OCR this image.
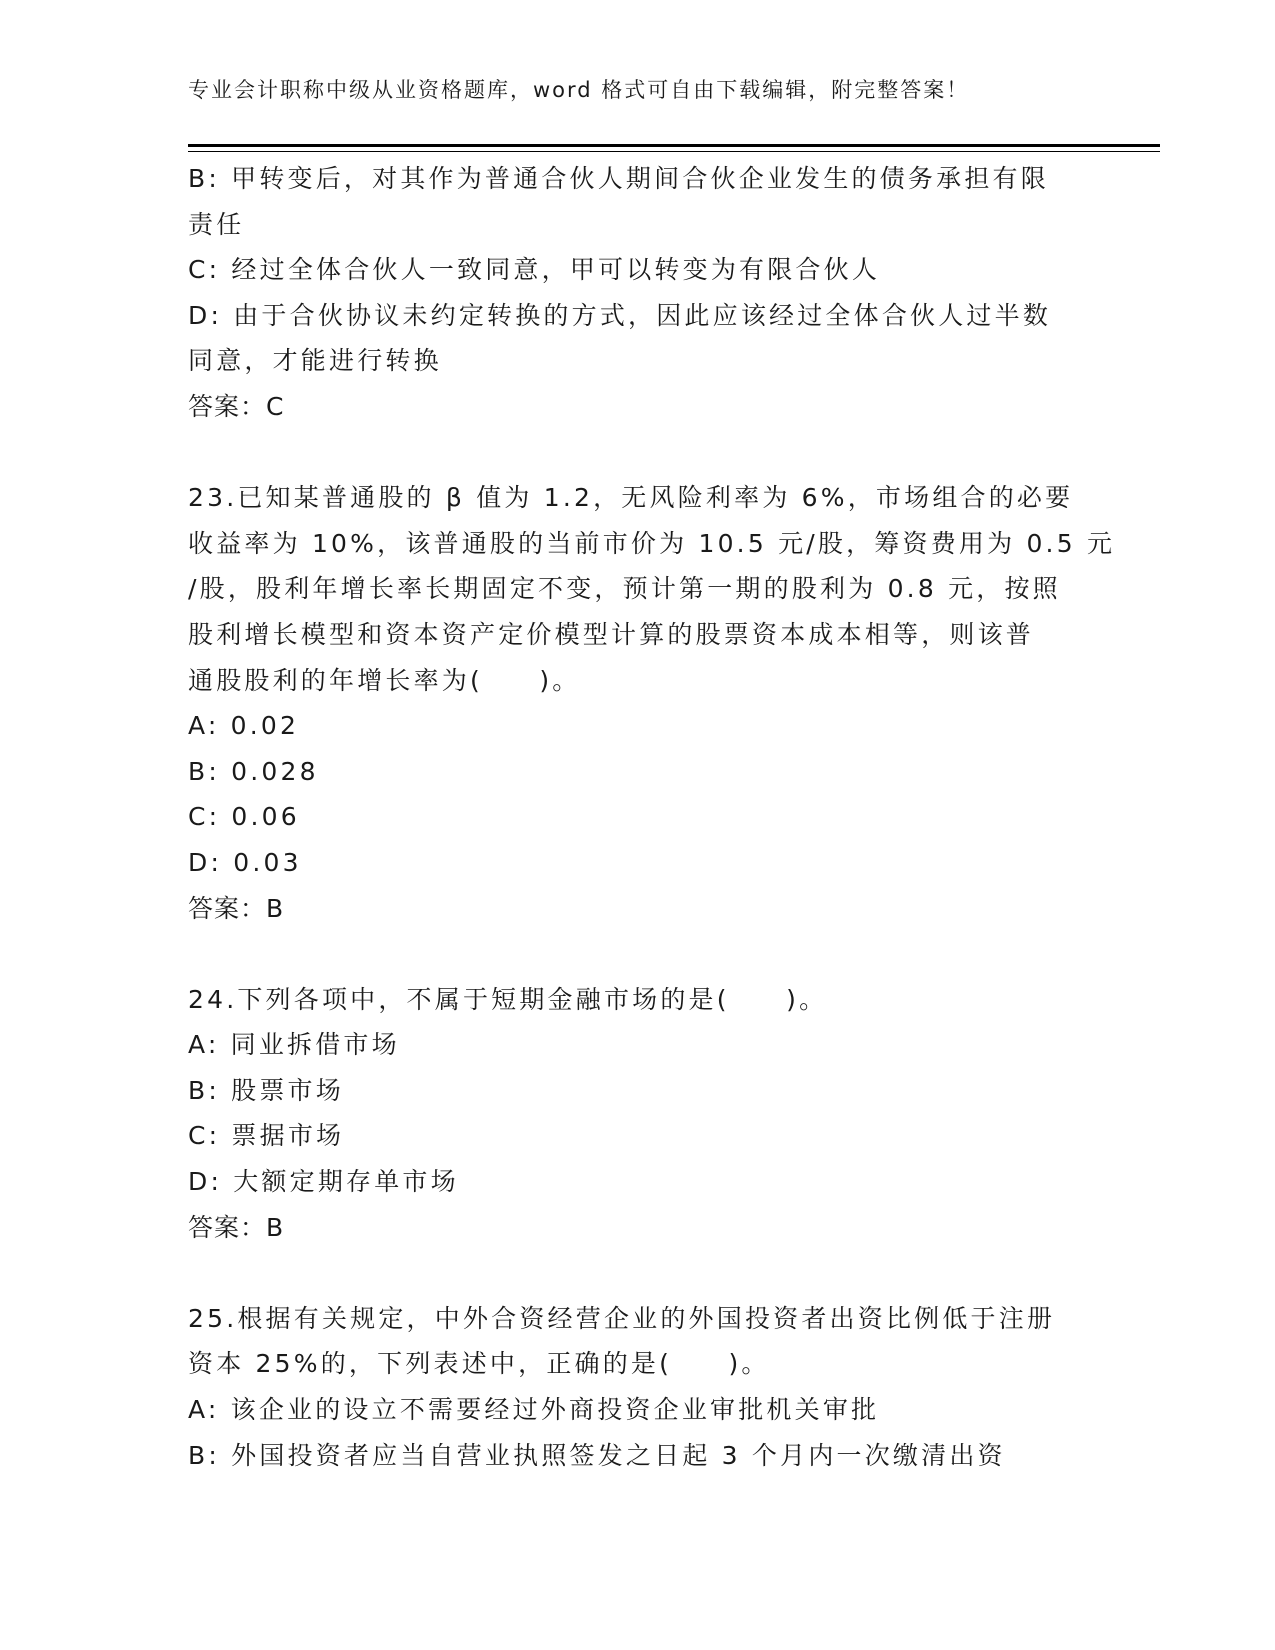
专业会计职称中级从业资格题库，word 格式可自由下载编辑，附完整答案！
B: 甲转变后，对其作为普通合伙人期间合伙企业发生的债务承担有限
责任
C: 经过全体合伙人一致同意，甲可以转变为有限合伙人
D: 由于合伙协议未约定转换的方式，因此应该经过全体合伙人过半数
同意，才能进行转换
答案：C
23.已知某普通股的 β 值为 1.2，无风险利率为 6%，市场组合的必要
收益率为 10%，该普通股的当前市价为 10.5 元/股，筹资费用为 0.5 元
/股，股利年增长率长期固定不变，预计第一期的股利为 0.8 元，按照
股利增长模型和资本资产定价模型计算的股票资本成本相等，则该普
通股股利的年增长率为(　　)。
A: 0.02
B: 0.028
C: 0.06
D: 0.03
答案：B
24.下列各项中，不属于短期金融市场的是(　　)。
A: 同业拆借市场
B: 股票市场
C: 票据市场
D: 大额定期存单市场
答案：B
25.根据有关规定，中外合资经营企业的外国投资者出资比例低于注册
资本 25%的，下列表述中，正确的是(　　)。
A: 该企业的设立不需要经过外商投资企业审批机关审批
B: 外国投资者应当自营业执照签发之日起 3 个月内一次缴清出资
